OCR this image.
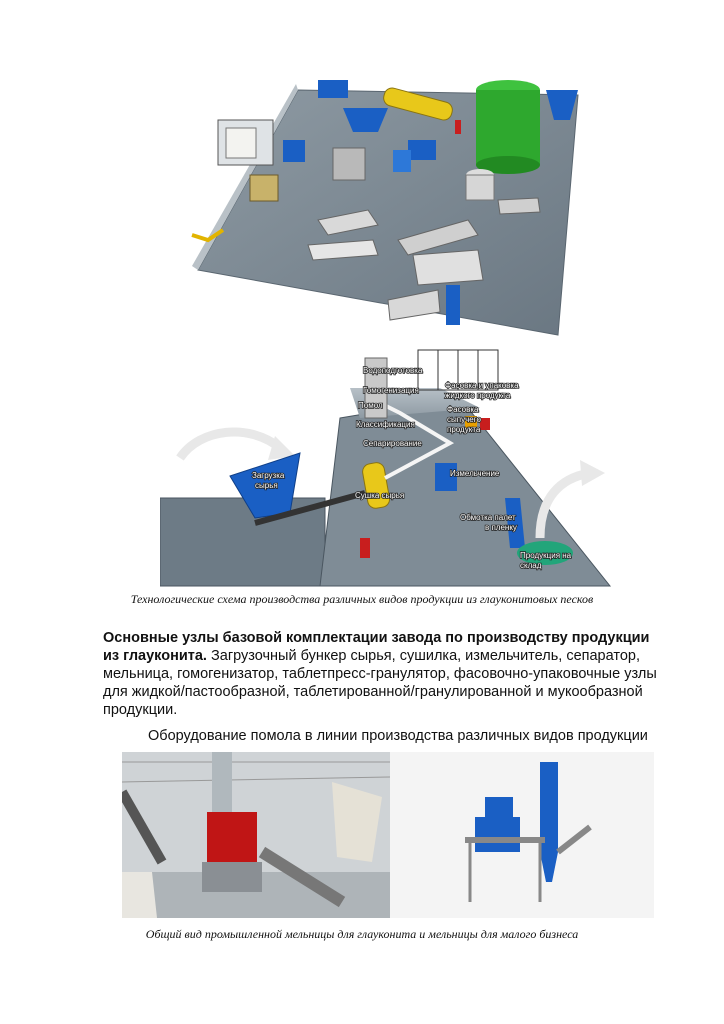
Водоподготовка
Гомогенизация
Помол
Классификация
Сепарирование
Загрузка
сырья
Сушка сырья
Измельчение
Фасовка и упаковка
жидкого продукта
Фасовка
сыпучего
продукта
Обмотка палет
в пленку
Продукция на
склад
Технологические схема производства различных видов продукции из глауконитовых песков
Основные узлы базовой комплектации завода по производству продукции из глауконита. Загрузочный бункер сырья, сушилка, измельчитель, сепаратор, мельница, гомогенизатор, таблетпресс-гранулятор, фасовочно-упаковочные узлы для жидкой/пастообразной, таблетированной/гранулированной и мукообразной продукции.
Оборудование помола в линии производства различных видов продукции
Общий вид промышленной мельницы для глауконита и мельницы для малого бизнеса
